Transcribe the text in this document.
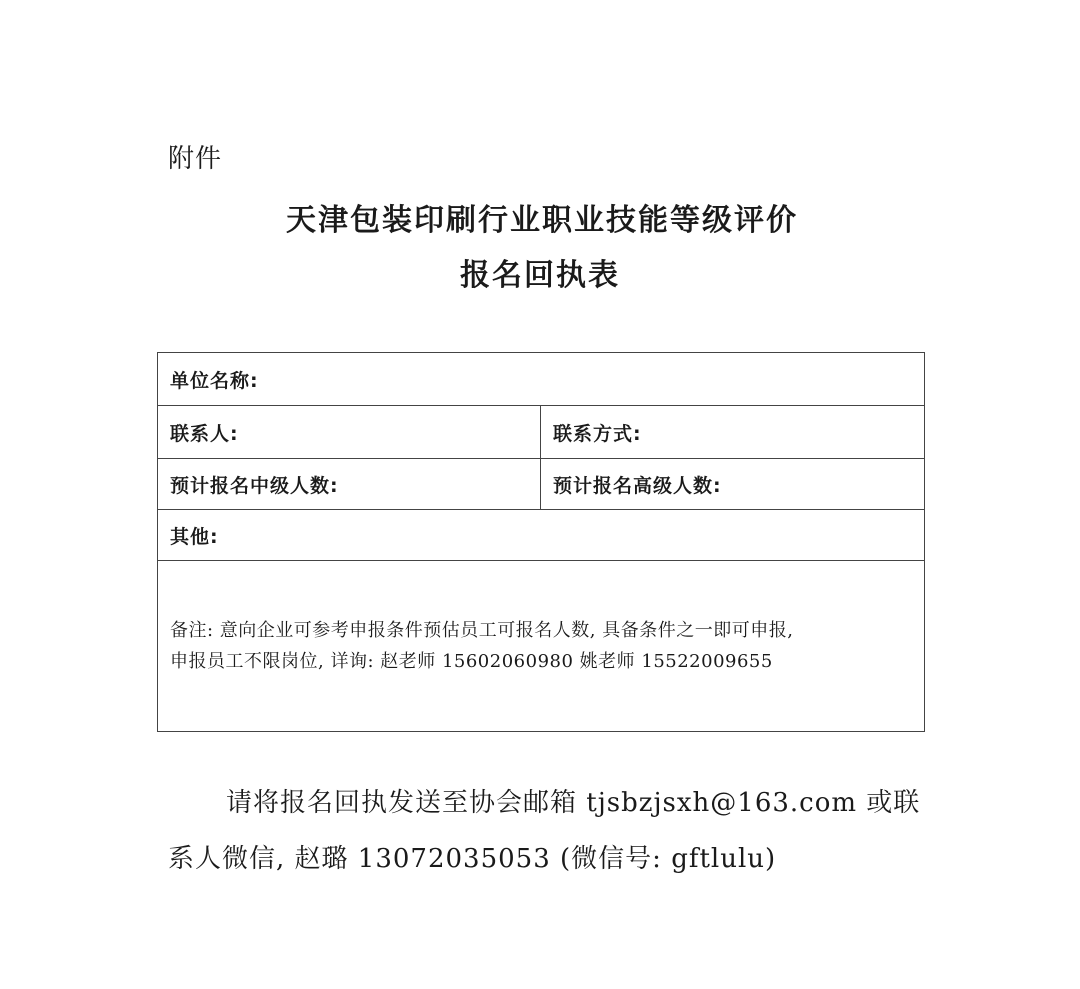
附件
天津包装印刷行业职业技能等级评价
报名回执表
单位名称:
联系人:	联系方式:
预计报名中级人数:	预计报名高级人数:
其他:
备注: 意向企业可参考申报条件预估员工可报名人数, 具备条件之一即可申报,
申报员工不限岗位, 详询: 赵老师 15602060980 姚老师 15522009655
请将报名回执发送至协会邮箱 tjsbzjsxh@163.com 或联
系人微信, 赵璐 13072035053 (微信号: gftlulu)
